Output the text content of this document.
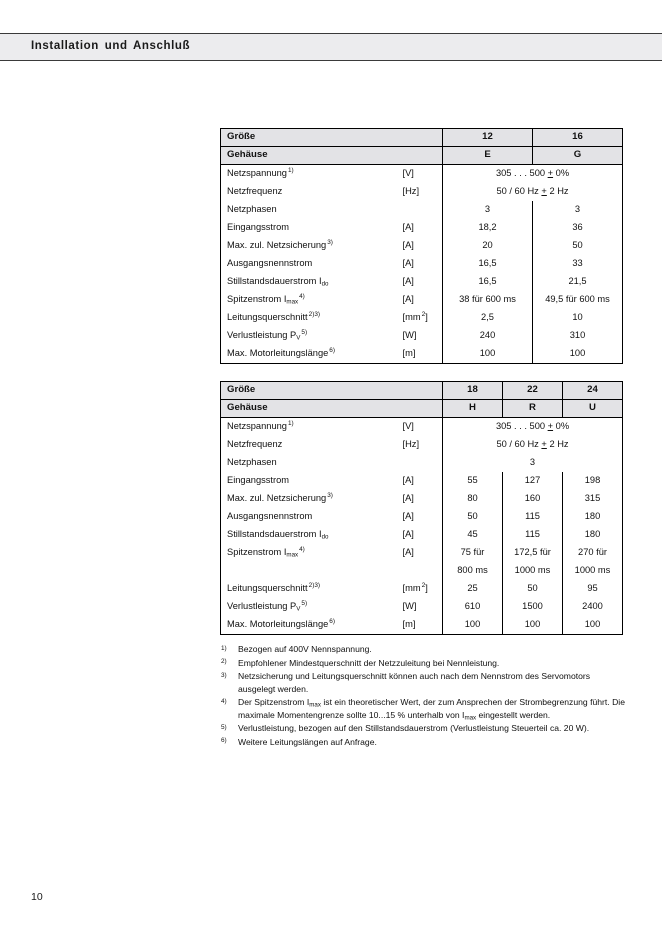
Installation und Anschluß
Größe		12	16
Gehäuse		E	G
Netzspannung$^{1)}$	[V]	305 . . . 500 + 0%	
Netzfrequenz	[Hz]	50 / 60 Hz + 2 Hz	
Netzphasen		3	3
Eingangsstrom	[A]	18,2	36
Max. zul. Netzsicherung$^{3)}$	[A]	20	50
Ausgangsnennstrom	[A]	16,5	33
Stillstandsdauerstrom $I_{do}$	[A]	16,5	21,5
Spitzenstrom $I_{max}^{4)}$	[A]	38 für 600 ms	49,5 für 600 ms
Leitungsquerschnitt$^{2)3)}$	[mm$^2$]	2,5	10
Verlustleistung $P_V^{5)}$	[W]	240	310
Max. Motorleitungslänge$^{6)}$	[m]	100	100
Größe		18	22	24
Gehäuse		H	R	U
Netzspannung$^{1)}$	[V]	305 . . . 500 + 0%		
Netzfrequenz	[Hz]	50 / 60 Hz + 2 Hz		
Netzphasen		3		
Eingangsstrom	[A]	55	127	198
Max. zul. Netzsicherung$^{3)}$	[A]	80	160	315
Ausgangsnennstrom	[A]	50	115	180
Stillstandsdauerstrom $I_{do}$	[A]	45	115	180
Spitzenstrom $I_{max}^{4)}$	[A]	75 für	172,5 für	270 für
		800 ms	1000 ms	1000 ms
Leitungsquerschnitt$^{2)3)}$	[mm$^2$]	25	50	95
Verlustleistung $P_V^{5)}$	[W]	610	1500	2400
Max. Motorleitungslänge$^{6)}$	[m]	100	100	100
1)	Bezogen auf 400V Nennspannung.
2)	Empfohlener Mindestquerschnitt der Netzzuleitung bei Nennleistung.
3)	Netzsicherung und Leitungsquerschnitt können auch nach dem Nennstrom des Servomotors ausgelegt werden.
4)	Der Spitzenstrom $I_{max}$ ist ein theoretischer Wert, der zum Ansprechen der Strombegrenzung führt. Die maximale Momentengrenze sollte 10...15 % unterhalb von $I_{max}$ eingestellt werden.
5)	Verlustleistung, bezogen auf den Stillstandsdauerstrom (Verlustleistung Steuerteil ca. 20 W).
6)	Weitere Leitungslängen auf Anfrage.
10
